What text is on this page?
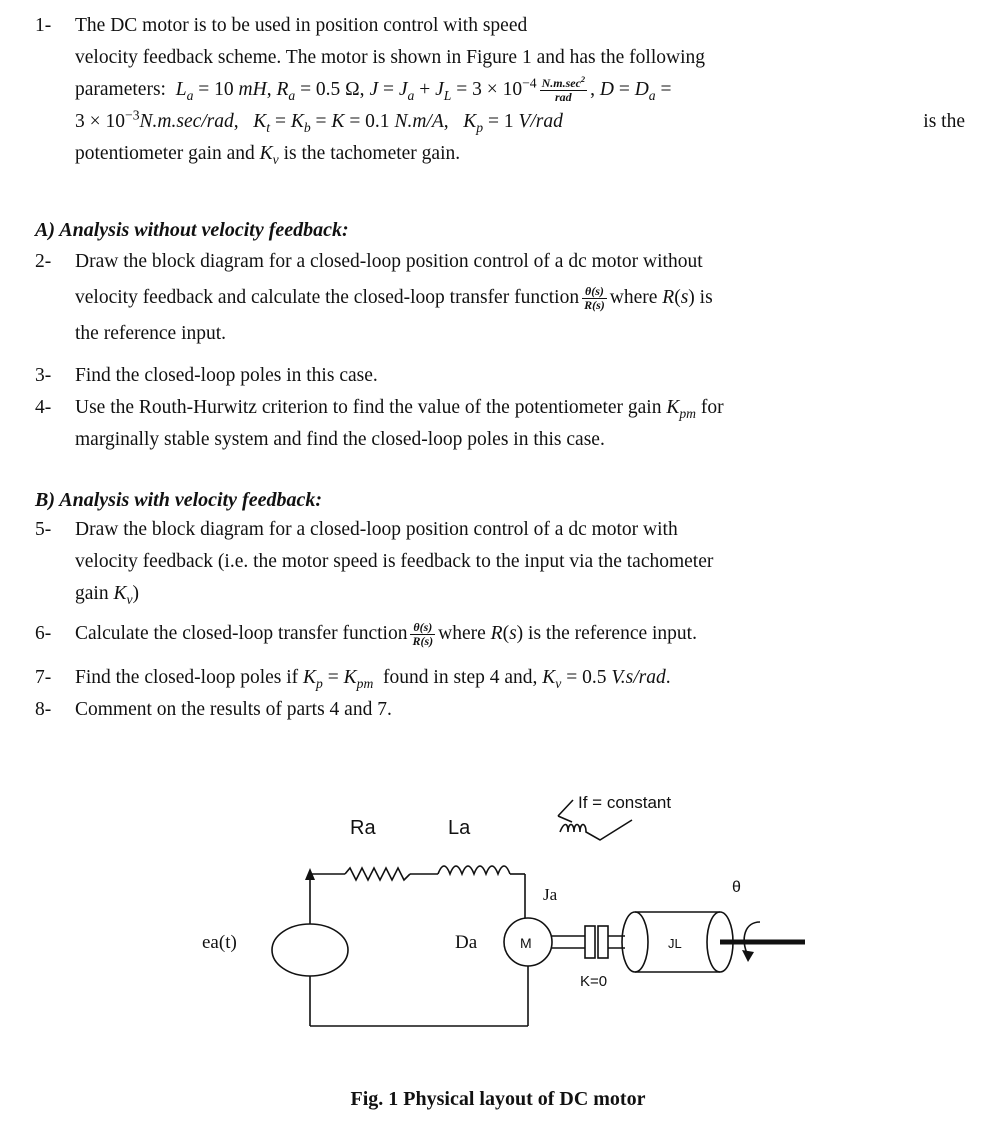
1-	The DC motor is to be used in position control with speed
velocity feedback scheme. The motor is shown in Figure 1 and has the following
parameters:  $L_a = 10$ mH, $R_a = 0.5$ Ω, $J = J_a + J_L = 3 \times 10^{-4} \frac{N.m.\sec^2}{\text{rad}}$ , $D = D_a$ =
$3 \times 10^{-3}N.m.\sec$/rad,   $K_t = K_b = K = 0.1$ N.m/A,   $K_p = 1$ V/rad	is the
potentiometer gain and $K_v$ is the tachometer gain.
A) Analysis without velocity feedback:
2-	Draw the block diagram for a closed-loop position control of a dc motor without
velocity feedback and calculate the closed-loop transfer function $\frac{\theta(s)}{R(s)}$ where R(s) is
the reference input.
3-	Find the closed-loop poles in this case.
4-	Use the Routh-Hurwitz criterion to find the value of the potentiometer gain $K_{pm}$ for
marginally stable system and find the closed-loop poles in this case.
B) Analysis with velocity feedback:
5-	Draw the block diagram for a closed-loop position control of a dc motor with
velocity feedback (i.e. the motor speed is feedback to the input via the tachometer
gain $K_v$)
6-	Calculate the closed-loop transfer function $\frac{\theta(s)}{R(s)}$ where R(s) is the reference input.
7-	Find the closed-loop poles if $K_p = K_{pm}$  found in step 4 and, $K_v = 0.5$ V.s/rad.
8-	Comment on the results of parts 4 and 7.
Ra	La
If = constant
Ja	θ
ea(t)	Da	M	JL
K=0
Fig. 1 Physical layout of DC motor
